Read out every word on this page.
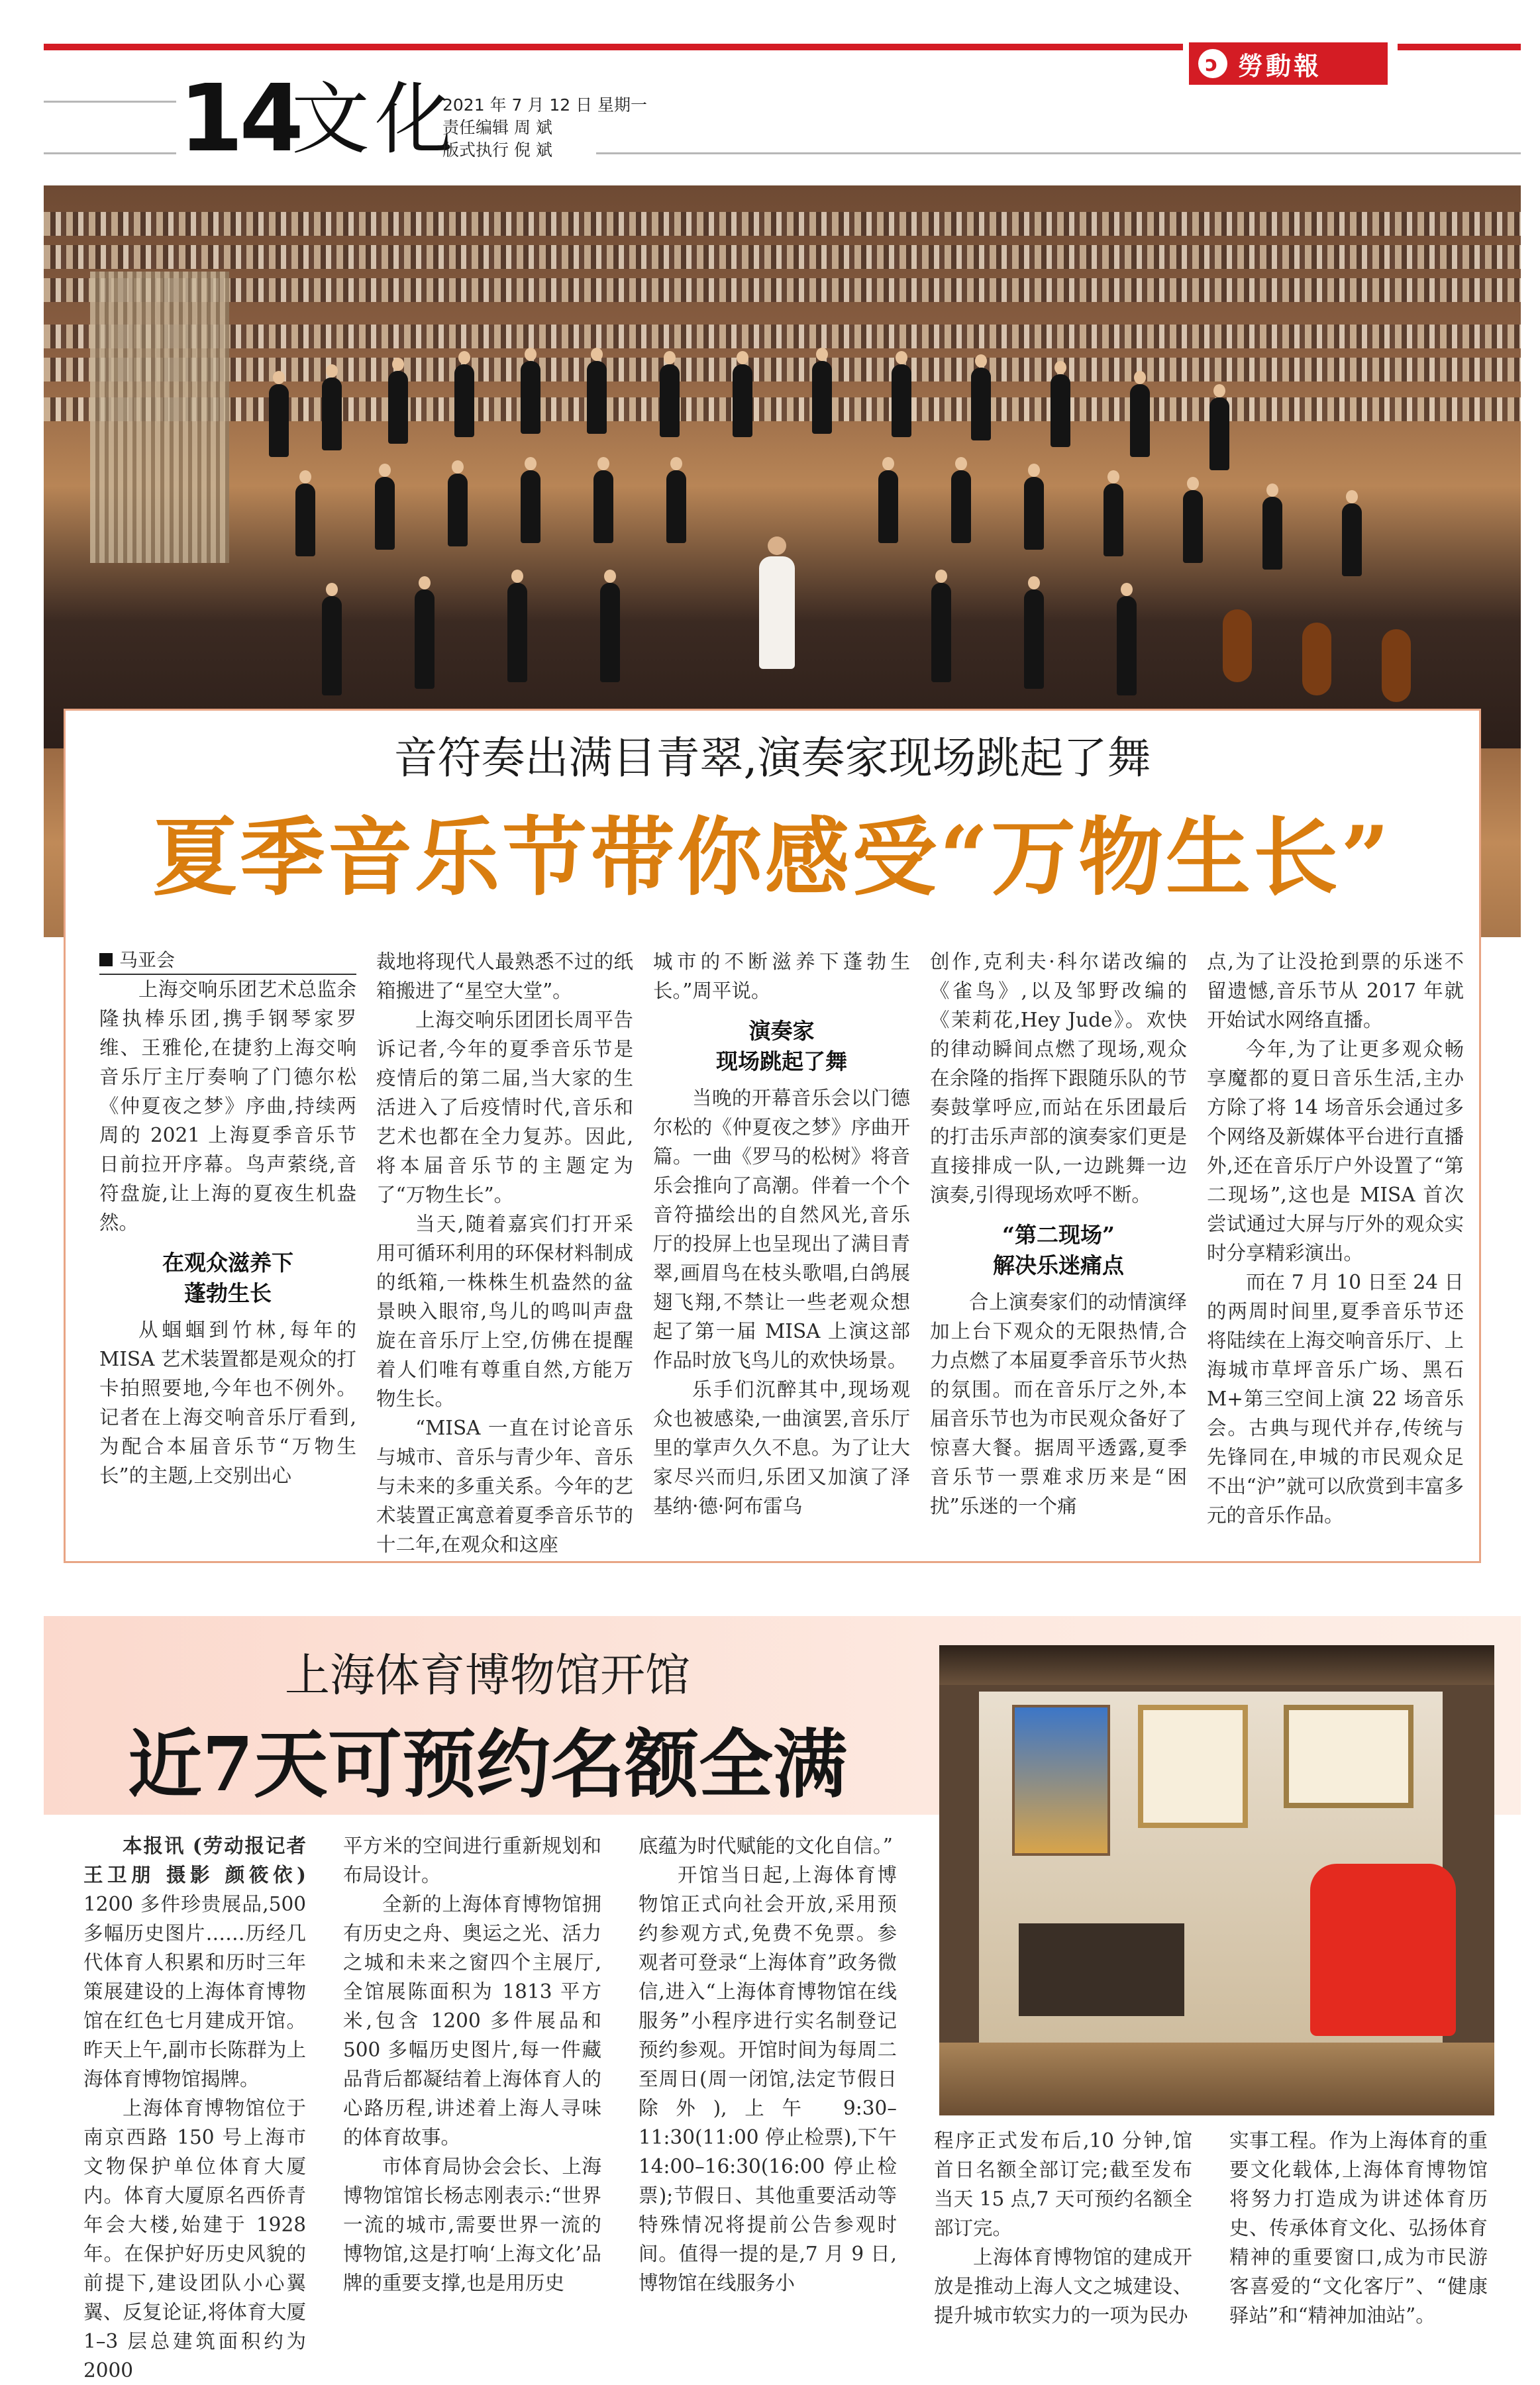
ↄ 勞動報
14
文化
2021 年 7 月 12 日 星期一
责任编辑 周 斌
版式执行 倪 斌
音符奏出满目青翠,演奏家现场跳起了舞
夏季音乐节带你感受“万物生长”

马亚会

上海交响乐团艺术总监余隆执棒乐团,携手钢琴家罗维、王雅伦,在捷豹上海交响音乐厅主厅奏响了门德尔松《仲夏夜之梦》序曲,持续两周的 2021 上海夏季音乐节日前拉开序幕。鸟声萦绕,音符盘旋,让上海的夏夜生机盎然。

在观众滋养下
蓬勃生长

从蝈蝈到竹林,每年的 MISA 艺术装置都是观众的打卡拍照要地,今年也不例外。记者在上海交响音乐厅看到,为配合本届音乐节“万物生长”的主题,上交别出心

裁地将现代人最熟悉不过的纸箱搬进了“星空大堂”。

上海交响乐团团长周平告诉记者,今年的夏季音乐节是疫情后的第二届,当大家的生活进入了后疫情时代,音乐和艺术也都在全力复苏。因此,将本届音乐节的主题定为了“万物生长”。

当天,随着嘉宾们打开采用可循环利用的环保材料制成的纸箱,一株株生机盎然的盆景映入眼帘,鸟儿的鸣叫声盘旋在音乐厅上空,仿佛在提醒着人们唯有尊重自然,方能万物生长。

“MISA 一直在讨论音乐与城市、音乐与青少年、音乐与未来的多重关系。今年的艺术装置正寓意着夏季音乐节的十二年,在观众和这座

城市的不断滋养下蓬勃生长。”周平说。

演奏家
现场跳起了舞

当晚的开幕音乐会以门德尔松的《仲夏夜之梦》序曲开篇。一曲《罗马的松树》将音乐会推向了高潮。伴着一个个音符描绘出的自然风光,音乐厅的投屏上也呈现出了满目青翠,画眉鸟在枝头歌唱,白鸽展翅飞翔,不禁让一些老观众想起了第一届 MISA 上演这部作品时放飞鸟儿的欢快场景。

乐手们沉醉其中,现场观众也被感染,一曲演罢,音乐厅里的掌声久久不息。为了让大家尽兴而归,乐团又加演了泽基纳·德·阿布雷乌

创作,克利夫·科尔诺改编的《雀鸟》,以及邹野改编的《茉莉花,Hey Jude》。欢快的律动瞬间点燃了现场,观众在余隆的指挥下跟随乐队的节奏鼓掌呼应,而站在乐团最后的打击乐声部的演奏家们更是直接排成一队,一边跳舞一边演奏,引得现场欢呼不断。

“第二现场”
解决乐迷痛点

合上演奏家们的动情演绎加上台下观众的无限热情,合力点燃了本届夏季音乐节火热的氛围。而在音乐厅之外,本届音乐节也为市民观众备好了惊喜大餐。据周平透露,夏季音乐节一票难求历来是“困扰”乐迷的一个痛

点,为了让没抢到票的乐迷不留遗憾,音乐节从 2017 年就开始试水网络直播。

今年,为了让更多观众畅享魔都的夏日音乐生活,主办方除了将 14 场音乐会通过多个网络及新媒体平台进行直播外,还在音乐厅户外设置了“第二现场”,这也是 MISA 首次尝试通过大屏与厅外的观众实时分享精彩演出。

而在 7 月 10 日至 24 日的两周时间里,夏季音乐节还将陆续在上海交响音乐厅、上海城市草坪音乐广场、黑石 M+第三空间上演 22 场音乐会。古典与现代并存,传统与先锋同在,申城的市民观众足不出“沪”就可以欣赏到丰富多元的音乐作品。

上海体育博物馆开馆
近7天可预约名额全满

本报讯 (劳动报记者 王卫朋 摄影 颜筱依) 1200 多件珍贵展品,500 多幅历史图片……历经几代体育人积累和历时三年策展建设的上海体育博物馆在红色七月建成开馆。昨天上午,副市长陈群为上海体育博物馆揭牌。

上海体育博物馆位于南京西路 150 号上海市文物保护单位体育大厦内。体育大厦原名西侨青年会大楼,始建于 1928 年。在保护好历史风貌的前提下,建设团队小心翼翼、反复论证,将体育大厦 1–3 层总建筑面积约为 2000

平方米的空间进行重新规划和布局设计。

全新的上海体育博物馆拥有历史之舟、奥运之光、活力之城和未来之窗四个主展厅,全馆展陈面积为 1813 平方米,包含 1200 多件展品和 500 多幅历史图片,每一件藏品背后都凝结着上海体育人的心路历程,讲述着上海人寻味的体育故事。

市体育局协会会长、上海博物馆馆长杨志刚表示:“世界一流的城市,需要世界一流的博物馆,这是打响‘上海文化’品牌的重要支撑,也是用历史

底蕴为时代赋能的文化自信。”

开馆当日起,上海体育博物馆正式向社会开放,采用预约参观方式,免费不免票。参观者可登录“上海体育”政务微信,进入“上海体育博物馆在线服务”小程序进行实名制登记预约参观。开馆时间为每周二至周日(周一闭馆,法定节假日除外),上午 9:30–11:30(11:00 停止检票),下午 14:00–16:30(16:00 停止检票);节假日、其他重要活动等特殊情况将提前公告参观时间。值得一提的是,7 月 9 日,博物馆在线服务小

程序正式发布后,10 分钟,馆首日名额全部订完;截至发布当天 15 点,7 天可预约名额全部订完。

上海体育博物馆的建成开放是推动上海人文之城建设、提升城市软实力的一项为民办

实事工程。作为上海体育的重要文化载体,上海体育博物馆将努力打造成为讲述体育历史、传承体育文化、弘扬体育精神的重要窗口,成为市民游客喜爱的“文化客厅”、“健康驿站”和“精神加油站”。
